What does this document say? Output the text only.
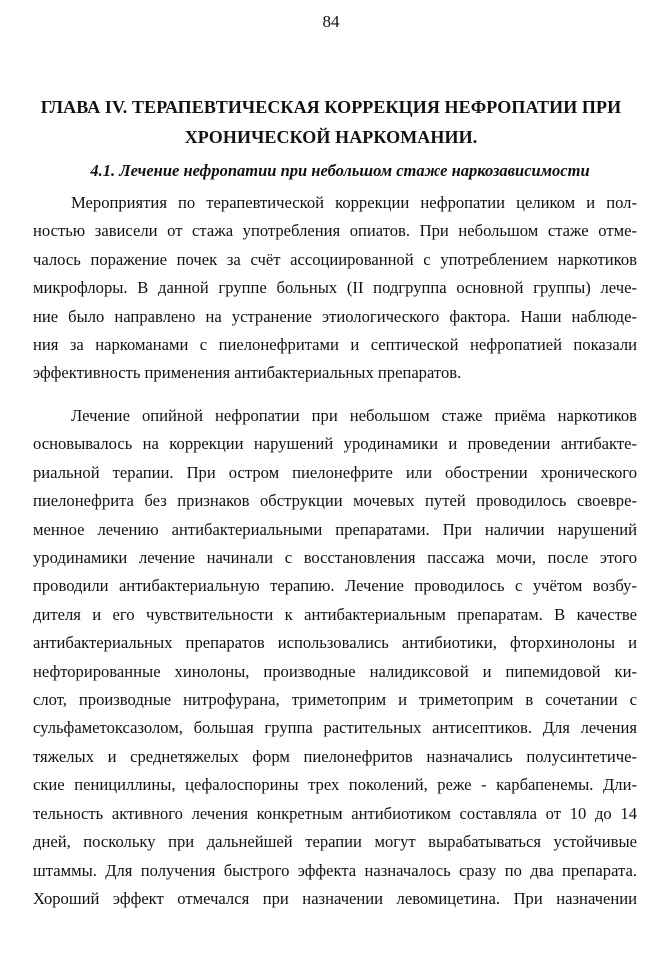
84
ГЛАВА IV. ТЕРАПЕВТИЧЕСКАЯ КОРРЕКЦИЯ НЕФРОПАТИИ ПРИ
ХРОНИЧЕСКОЙ НАРКОМАНИИ.
4.1. Лечение нефропатии при небольшом стаже наркозависимости
Мероприятия по терапевтической коррекции нефропатии целиком и пол-
ностью зависели от стажа употребления опиатов. При небольшом стаже отме-
чалось поражение почек за счёт ассоциированной с употреблением наркотиков
микрофлоры. В данной группе больных (II подгруппа основной группы) лече-
ние было направлено на устранение этиологического фактора. Наши наблюде-
ния за наркоманами с пиелонефритами и септической нефропатией показали
эффективность применения антибактериальных препаратов.
Лечение опийной нефропатии при небольшом стаже приёма наркотиков
основывалось на коррекции нарушений уродинамики и проведении антибакте-
риальной терапии. При остром пиелонефрите или обострении хронического
пиелонефрита без признаков обструкции мочевых путей проводилось своевре-
менное лечению антибактериальными препаратами. При наличии нарушений
уродинамики лечение начинали с восстановления пассажа мочи, после этого
проводили антибактериальную терапию. Лечение проводилось с учётом возбу-
дителя и его чувствительности к антибактериальным препаратам. В качестве
антибактериальных препаратов использовались антибиотики, фторхинолоны и
нефторированные хинолоны, производные налидиксовой и пипемидовой ки-
слот, производные нитрофурана, триметоприм и триметоприм в сочетании с
сульфаметоксазолом, большая группа растительных антисептиков. Для лечения
тяжелых и среднетяжелых форм пиелонефритов назначались полусинтетиче-
ские пенициллины, цефалоспорины трех поколений, реже - карбапенемы. Дли-
тельность активного лечения конкретным антибиотиком составляла от 10 до 14
дней, поскольку при дальнейшей терапии могут вырабатываться устойчивые
штаммы. Для получения быстрого эффекта назначалось сразу по два препарата.
Хороший эффект отмечался при назначении левомицетина. При назначении
